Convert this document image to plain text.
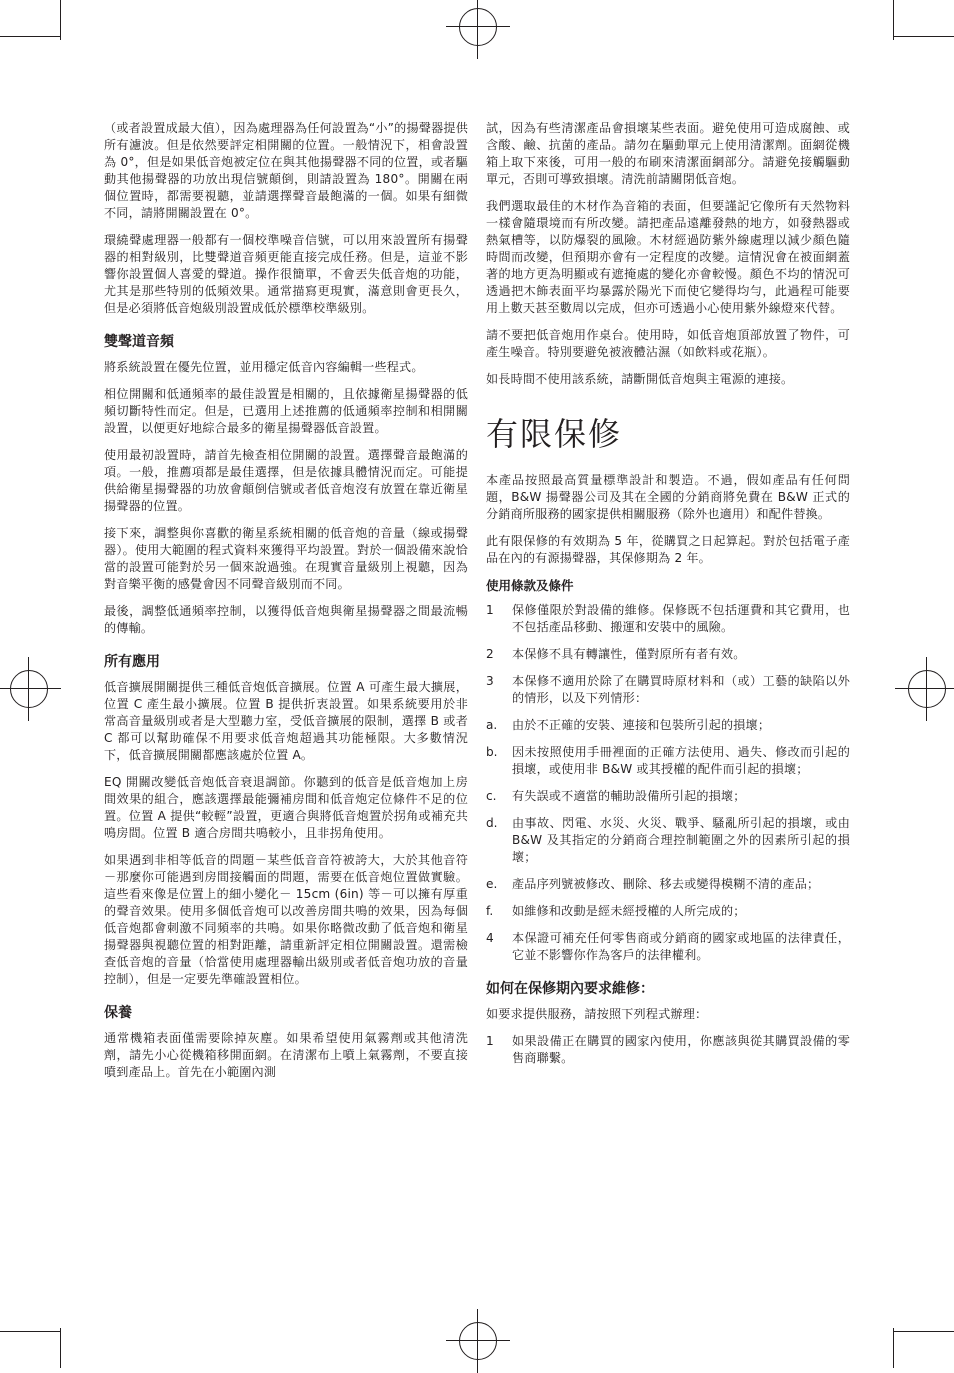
（或者設置成最大值），因為處理器為任何設置為“小”的揚聲器提供所有濾波。但是依然要評定相開關的位置。一般情況下，相會設置為 0°，但是如果低音炮被定位在與其他揚聲器不同的位置，或者驅動其他揚聲器的功放出現信號顛倒，則請設置為 180°。開關在兩個位置時，都需要視聽，並請選擇聲音最飽滿的一個。如果有細微不同，請將開關設置在 0°。

環繞聲處理器一般都有一個校準噪音信號，可以用來設置所有揚聲器的相對級別，比雙聲道音頻更能直接完成任務。但是，這並不影響你設置個人喜愛的聲道。操作很簡單，不會丟失低音炮的功能，尤其是那些特別的低頻效果。通常描寫更現實，滿意則會更長久，但是必須將低音炮級別設置成低於標準校準級別。

雙聲道音頻

將系統設置在優先位置，並用穩定低音內容編輯一些程式。

相位開關和低通頻率的最佳設置是相關的，且依據衛星揚聲器的低頻切斷特性而定。但是，已選用上述推薦的低通頻率控制和相開關設置，以便更好地綜合最多的衛星揚聲器低音設置。

使用最初設置時，請首先檢查相位開關的設置。選擇聲音最飽滿的項。一般，推薦項都是最佳選擇，但是依據具體情況而定。可能提供給衛星揚聲器的功放會顛倒信號或者低音炮沒有放置在靠近衛星揚聲器的位置。

接下來，調整與你喜歡的衛星系統相關的低音炮的音量（線或揚聲器）。使用大範圍的程式資料來獲得平均設置。對於一個設備來說恰當的設置可能對於另一個來說過強。在現實音量級別上視聽，因為對音樂平衡的感覺會因不同聲音級別而不同。

最後，調整低通頻率控制，以獲得低音炮與衛星揚聲器之間最流暢的傳輸。

所有應用

低音擴展開關提供三種低音炮低音擴展。位置 A 可產生最大擴展，位置 C 產生最小擴展。位置 B 提供折衷設置。如果系統要用於非常高音量級別或者是大型聽力室，受低音擴展的限制，選擇 B 或者 C 都可以幫助確保不用要求低音炮超過其功能極限。大多數情況下，低音擴展開關都應該處於位置 A。

EQ 開關改變低音炮低音衰退調節。你聽到的低音是低音炮加上房間效果的組合，應該選擇最能彌補房間和低音炮定位條件不足的位置。位置 A 提供“較輕”設置，更適合與將低音炮置於拐角或補充共鳴房間。位置 B 適合房間共鳴較小，且非拐角使用。

如果遇到非相等低音的問題－某些低音音符被誇大，大於其他音符－那麼你可能遇到房間接觸面的問題，需要在低音炮位置做實驗。這些看來像是位置上的細小變化－ 15cm (6in) 等－可以擁有厚重的聲音效果。使用多個低音炮可以改善房間共鳴的效果，因為每個低音炮都會刺激不同頻率的共鳴。如果你略微改動了低音炮和衛星揚聲器與視聽位置的相對距離，請重新評定相位開關設置。還需檢查低音炮的音量（恰當使用處理器輸出級別或者低音炮功放的音量控制），但是一定要先準確設置相位。

保養

通常機箱表面僅需要除掉灰塵。如果希望使用氣霧劑或其他清洗劑，請先小心從機箱移開面網。在清潔布上噴上氣霧劑，不要直接噴到產品上。首先在小範圍內測

試，因為有些清潔產品會損壞某些表面。避免使用可造成腐蝕、或含酸、鹼、抗菌的產品。請勿在驅動單元上使用清潔劑。面網從機箱上取下來後，可用一般的布刷來清潔面網部分。請避免接觸驅動單元，否則可導致損壞。清洗前請關閉低音炮。

我們選取最佳的木材作為音箱的表面，但要謹記它像所有天然物料一樣會隨環境而有所改變。請把產品遠離發熱的地方，如發熱器或熱氣槽等，以防爆裂的風險。木材經過防紫外線處理以減少顏色隨時間而改變，但預期亦會有一定程度的改變。這情況會在被面網蓋著的地方更為明顯或有遮掩處的變化亦會較慢。顏色不均的情況可透過把木飾表面平均暴露於陽光下而使它變得均勻，此過程可能要用上數天甚至數周以完成，但亦可透過小心使用紫外線燈來代替。

請不要把低音炮用作桌台。使用時，如低音炮頂部放置了物件，可產生噪音。特別要避免被液體沾濕（如飲料或花瓶）。

如長時間不使用該系統，請斷開低音炮與主電源的連接。

有限保修

本產品按照最高質量標準設計和製造。不過，假如產品有任何問題，B&W 揚聲器公司及其在全國的分銷商將免費在 B&W 正式的分銷商所服務的國家提供相關服務（除外也適用）和配件替換。

此有限保修的有效期為 5 年，從購買之日起算起。對於包括電子產品在內的有源揚聲器，其保修期為 2 年。

使用條款及條件
1	保修僅限於對設備的維修。保修既不包括運費和其它費用，也不包括產品移動、搬運和安裝中的風險。
2	本保修不具有轉讓性，僅對原所有者有效。
3	本保修不適用於除了在購買時原材料和（或）工藝的缺陷以外的情形，以及下列情形：
a.	由於不正確的安裝、連接和包裝所引起的損壞；
b.	因未按照使用手冊裡面的正確方法使用、過失、修改而引起的損壞，或使用非 B&W 或其授權的配件而引起的損壞；
c.	有失誤或不適當的輔助設備所引起的損壞；
d.	由事故、閃電、水災、火災、戰爭、騷亂所引起的損壞，或由 B&W 及其指定的分銷商合理控制範圍之外的因素所引起的損壞；
e.	產品序列號被修改、刪除、移去或變得模糊不清的產品；
f.	如維修和改動是經未經授權的人所完成的；
4	本保證可補充任何零售商或分銷商的國家或地區的法律責任，它並不影響你作為客戶的法律權利。
如何在保修期內要求維修：

如要求提供服務，請按照下列程式辦理：

1	如果設備正在購買的國家內使用，你應該與從其購買設備的零售商聯繫。
